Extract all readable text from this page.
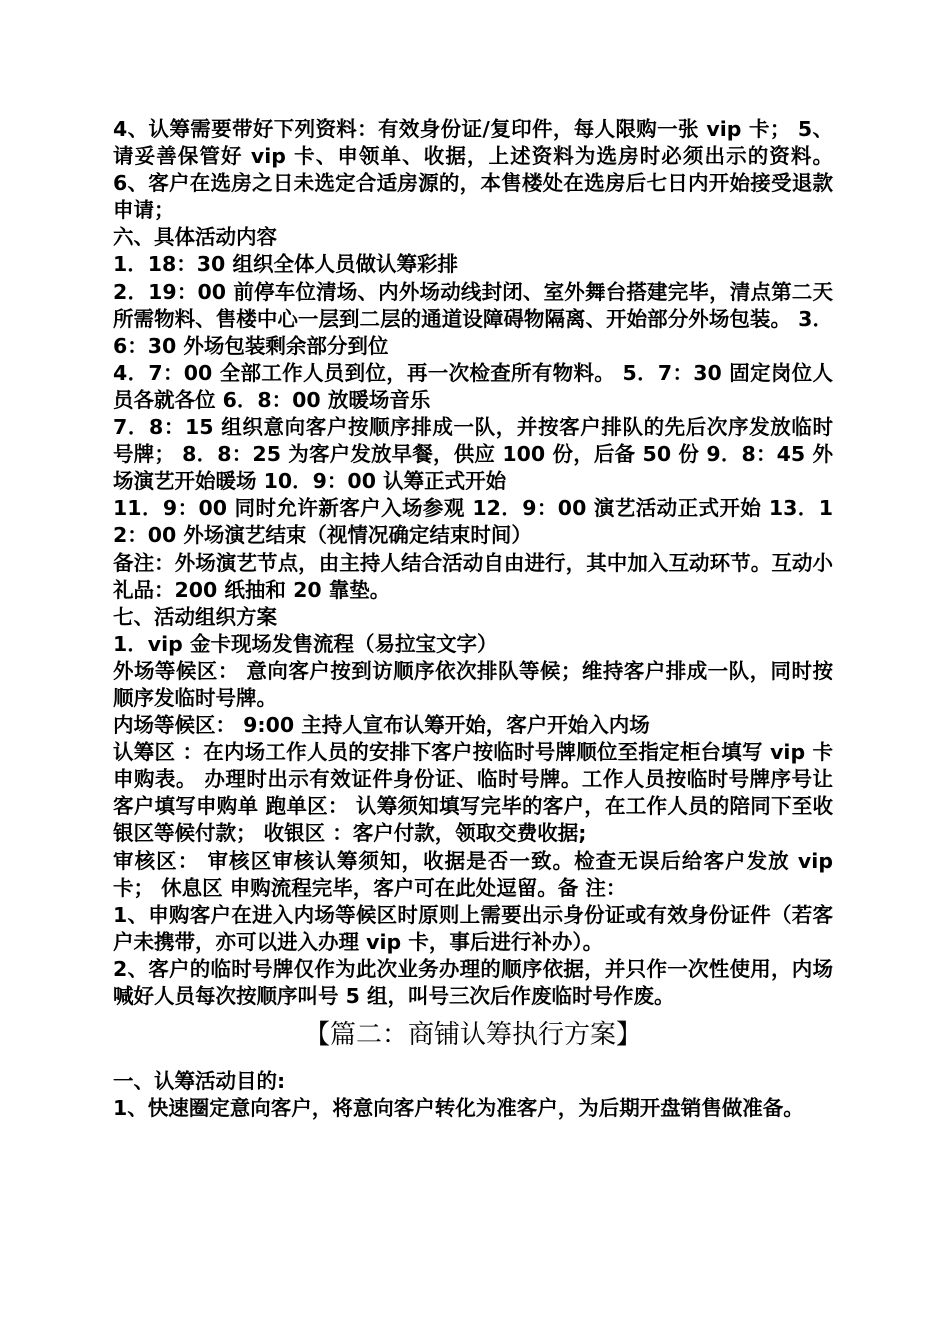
4、认筹需要带好下列资料：有效身份证/复印件，每人限购一张 vip 卡； 5、请妥善保管好 vip 卡、申领单、收据，上述资料为选房时必须出示的资料。 6、客户在选房之日未选定合适房源的，本售楼处在选房后七日内开始接受退款申请；

六、具体活动内容

1．18：30 组织全体人员做认筹彩排

2．19：00 前停车位清场、内外场动线封闭、室外舞台搭建完毕，清点第二天所需物料、售楼中心一层到二层的通道设障碍物隔离、开始部分外场包装。 3．6：30 外场包装剩余部分到位

4．7：00 全部工作人员到位，再一次检查所有物料。 5．7：30 固定岗位人员各就各位 6．8：00 放暖场音乐

7．8：15 组织意向客户按顺序排成一队，并按客户排队的先后次序发放临时号牌； 8．8：25 为客户发放早餐，供应 100 份，后备 50 份 9．8：45 外场演艺开始暖场 10．9：00 认筹正式开始

11．9：00 同时允许新客户入场参观 12．9：00 演艺活动正式开始 13．12：00 外场演艺结束（视情况确定结束时间）

备注：外场演艺节点，由主持人结合活动自由进行，其中加入互动环节。互动小礼品：200 纸抽和 20 靠垫。

七、活动组织方案

1．vip 金卡现场发售流程（易拉宝文字）

外场等候区： 意向客户按到访顺序依次排队等候；维持客户排成一队，同时按顺序发临时号牌。

内场等候区： 9:00 主持人宣布认筹开始，客户开始入内场

认筹区 ：在内场工作人员的安排下客户按临时号牌顺位至指定柜台填写 vip 卡申购表。 办理时出示有效证件身份证、临时号牌。工作人员按临时号牌序号让客户填写申购单 跑单区： 认筹须知填写完毕的客户，在工作人员的陪同下至收银区等候付款； 收银区 ：客户付款，领取交费收据;

审核区： 审核区审核认筹须知，收据是否一致。检查无误后给客户发放 vip 卡； 休息区 申购流程完毕，客户可在此处逗留。备 注：

1、申购客户在进入内场等候区时原则上需要出示身份证或有效身份证件（若客 户未携带，亦可以进入办理 vip 卡，事后进行补办）。

2、客户的临时号牌仅作为此次业务办理的顺序依据，并只作一次性使用，内场喊好人员每次按顺序叫号 5 组，叫号三次后作废临时号作废。

【篇二：商铺认筹执行方案】

一、认筹活动目的:

1、快速圈定意向客户，将意向客户转化为准客户，为后期开盘销售做准备。
